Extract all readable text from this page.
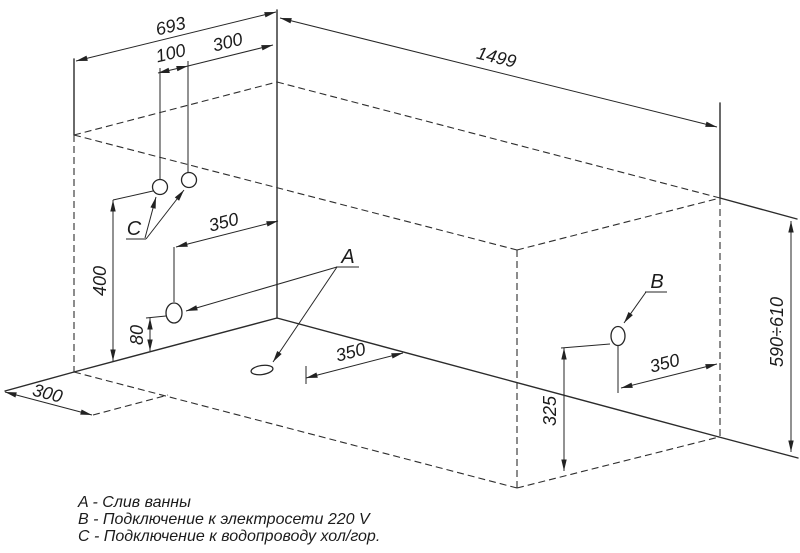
693
100 300
1499
350
400
80
350
300
350
325
590÷610
A
B
C
A - Слив ванны
B - Подключение к электросети 220 V
C - Подключение к водопроводу хол/гор.
